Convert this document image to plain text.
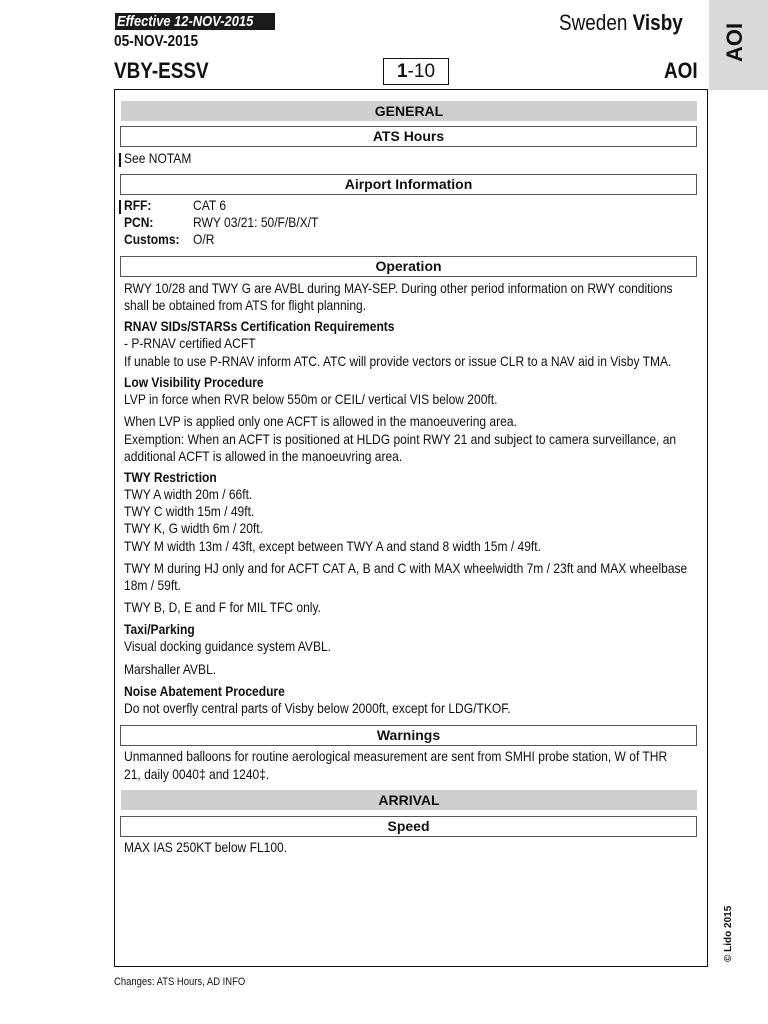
Effective 12-NOV-2015
05-NOV-2015
VBY-ESSV	1-10
Sweden Visby
AOI
AOI
GENERAL
ATS Hours
See NOTAM
Airport Information
RFF:	CAT 6
PCN:	RWY 03/21: 50/F/B/X/T
Customs: O/R
Operation
RWY 10/28 and TWY G are AVBL during MAY-SEP. During other period information on RWY conditions
shall be obtained from ATS for flight planning.
RNAV SIDs/STARSs Certification Requirements
- P-RNAV certified ACFT
If unable to use P-RNAV inform ATC. ATC will provide vectors or issue CLR to a NAV aid in Visby TMA.
Low Visibility Procedure
LVP in force when RVR below 550m or CEIL/ vertical VIS below 200ft.
When LVP is applied only one ACFT is allowed in the manoeuvering area.
Exemption: When an ACFT is positioned at HLDG point RWY 21 and subject to camera surveillance, an
additional ACFT is allowed in the manoeuvring area.
TWY Restriction
TWY A width 20m / 66ft.
TWY C width 15m / 49ft.
TWY K, G width 6m / 20ft.
TWY M width 13m / 43ft, except between TWY A and stand 8 width 15m / 49ft.
TWY M during HJ only and for ACFT CAT A, B and C with MAX wheelwidth 7m / 23ft and MAX wheelbase
18m / 59ft.
TWY B, D, E and F for MIL TFC only.
Taxi/Parking
Visual docking guidance system AVBL.
Marshaller AVBL.
Noise Abatement Procedure
Do not overfly central parts of Visby below 2000ft, except for LDG/TKOF.
Warnings
Unmanned balloons for routine aerological measurement are sent from SMHI probe station, W of THR
21, daily 0040‡ and 1240‡.
ARRIVAL
Speed
MAX IAS 250KT below FL100.
Changes: ATS Hours, AD INFO
© Lido 2015
